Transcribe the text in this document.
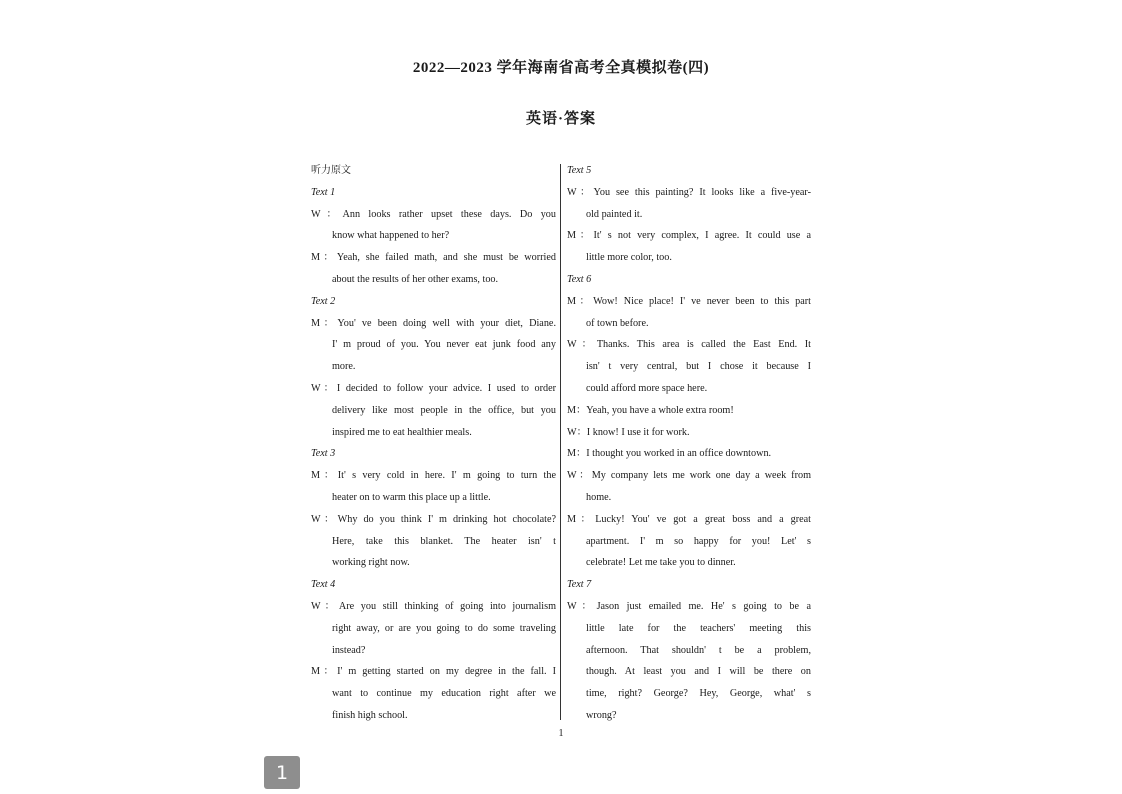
2022—2023 学年海南省高考全真模拟卷(四)
英语·答案
听力原文
Text 1
W：Ann looks rather upset these days. Do you
know what happened to her?
M：Yeah, she failed math, and she must be worried
about the results of her other exams, too.
Text 2
M：You' ve been doing well with your diet, Diane.
I' m proud of you. You never eat junk food any
more.
W：I decided to follow your advice. I used to order
delivery like most people in the office, but you
inspired me to eat healthier meals.
Text 3
M：It' s very cold in here. I' m going to turn the
heater on to warm this place up a little.
W：Why do you think I' m drinking hot chocolate?
Here, take this blanket. The heater isn' t
working right now.
Text 4
W：Are you still thinking of going into journalism
right away, or are you going to do some traveling
instead?
M：I' m getting started on my degree in the fall. I
want to continue my education right after we
finish high school.
Text 5
W：You see this painting? It looks like a five-year-
old painted it.
M：It' s not very complex, I agree. It could use a
little more color, too.
Text 6
M：Wow! Nice place! I' ve never been to this part
of town before.
W：Thanks. This area is called the East End. It
isn' t very central, but I chose it because I
could afford more space here.
M：Yeah, you have a whole extra room!
W：I know! I use it for work.
M：I thought you worked in an office downtown.
W：My company lets me work one day a week from
home.
M：Lucky! You' ve got a great boss and a great
apartment. I' m so happy for you! Let' s
celebrate! Let me take you to dinner.
Text 7
W：Jason just emailed me. He' s going to be a
little late for the teachers' meeting this
afternoon. That shouldn' t be a problem,
though. At least you and I will be there on
time, right? George? Hey, George, what' s
wrong?
1
1
